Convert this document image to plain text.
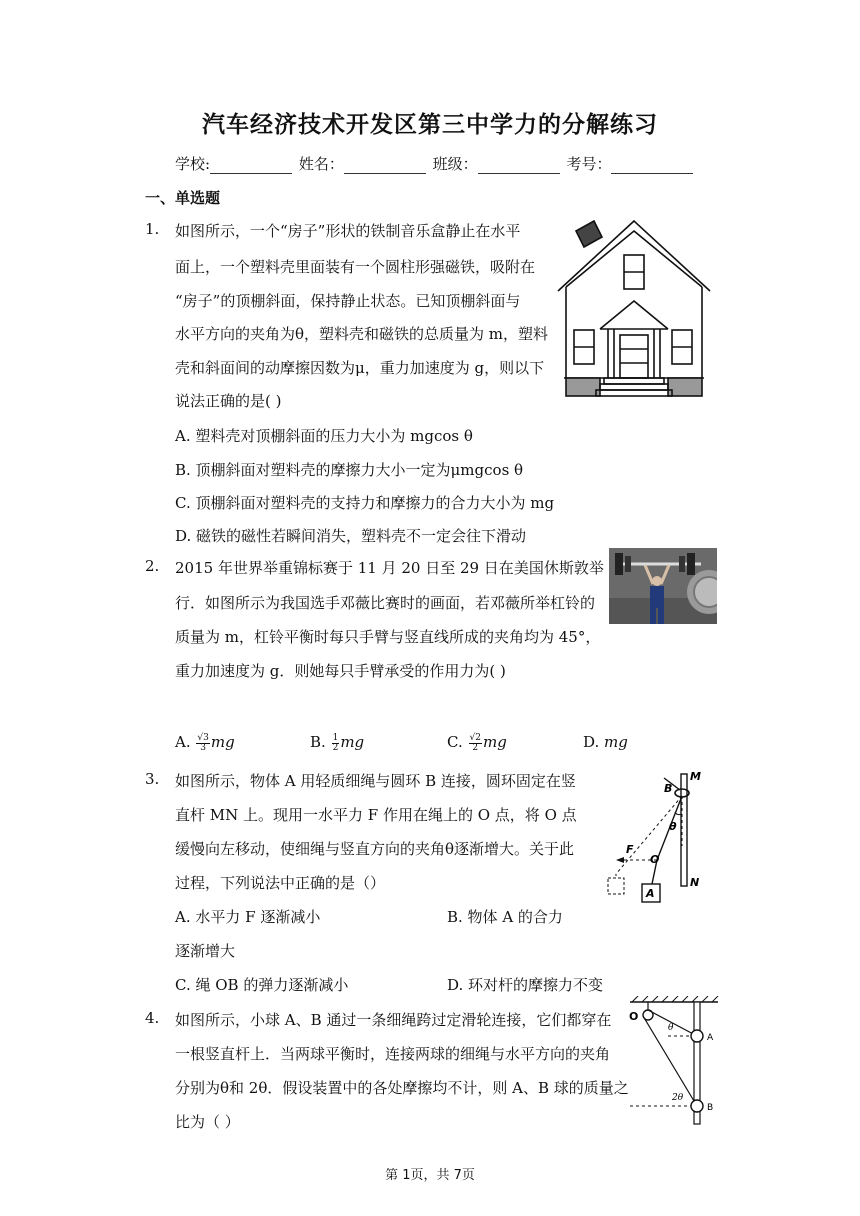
汽车经济技术开发区第三中学力的分解练习
学校:	姓名：	班级：	考号：
一、单选题
1. 如图所示，一个“房子”形状的铁制音乐盒静止在水平
面上，一个塑料壳里面装有一个圆柱形强磁铁，吸附在
“房子”的顶棚斜面，保持静止状态。已知顶棚斜面与
水平方向的夹角为θ，塑料壳和磁铁的总质量为 m，塑料
壳和斜面间的动摩擦因数为μ，重力加速度为 g，则以下
说法正确的是( )
A. 塑料壳对顶棚斜面的压力大小为 mgcos θ
B. 顶棚斜面对塑料壳的摩擦力大小一定为μmgcos θ
C. 顶棚斜面对塑料壳的支持力和摩擦力的合力大小为 mg
D. 磁铁的磁性若瞬间消失，塑料壳不一定会往下滑动
2. 2015 年世界举重锦标赛于 11 月 20 日至 29 日在美国休斯敦举
行．如图所示为我国选手邓薇比赛时的画面，若邓薇所举杠铃的
质量为 m，杠铃平衡时每只手臂与竖直线所成的夹角均为 45°，
重力加速度为 g．则她每只手臂承受的作用力为( )
A. $\frac{√3}{3}$ mg	B. $\frac{1}{2}$ mg	C. $\frac{√2}{2}$ mg	D. mg
3. 如图所示，物体 A 用轻质细绳与圆环 B 连接，圆环固定在竖
直杆 MN 上。现用一水平力 F 作用在绳上的 O 点，将 O 点
缓慢向左移动，使细绳与竖直方向的夹角θ逐渐增大。关于此
过程，下列说法中正确的是（）
A. 水平力 F 逐渐减小	B. 物体 A 的合力
逐渐增大
C. 绳 OB 的弹力逐渐减小	D. 环对杆的摩擦力不变
M
B
θ
F
O
N
A
4. 如图所示，小球 A、B 通过一条细绳跨过定滑轮连接，它们都穿在
一根竖直杆上．当两球平衡时，连接两球的细绳与水平方向的夹角
分别为θ和 2θ．假设装置中的各处摩擦均不计，则 A、B 球的质量之
比为（ ）
O
θ
A
2θ
B
第 1页，共 7页
